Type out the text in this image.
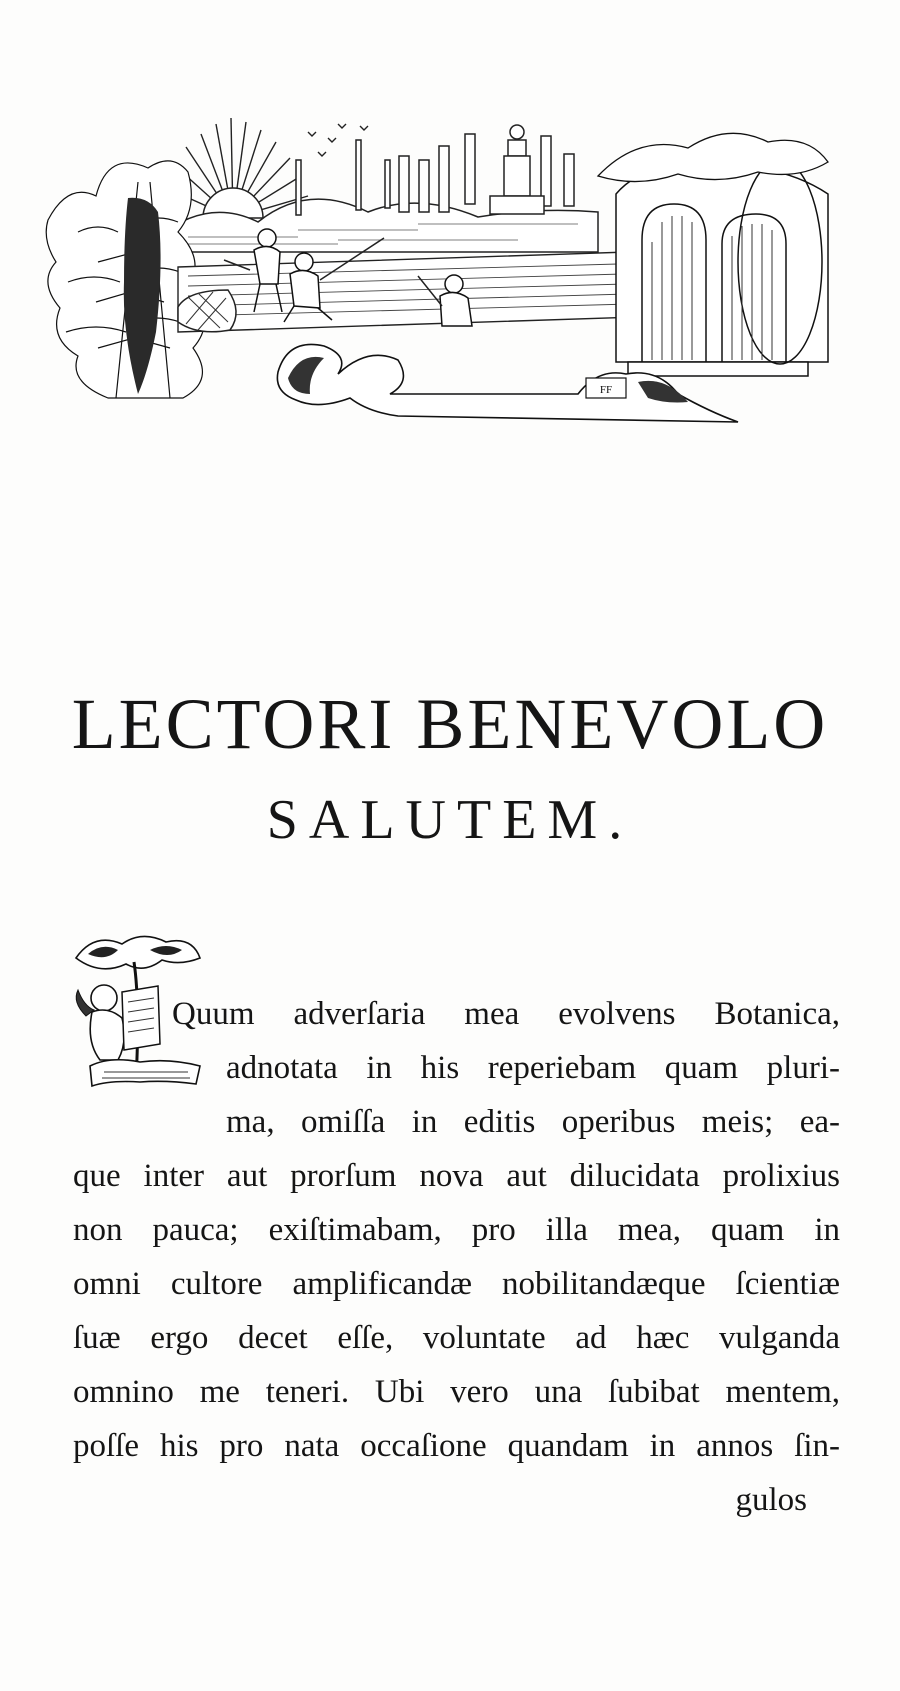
FF
LECTORI BENEVOLO
SALUTEM.
Quum adverſaria mea evolvens Botanica,
adnotata in his reperiebam quam pluri-
ma, omiſſa in editis operibus meis; ea-
que inter aut prorſum nova aut dilucidata prolixius
non pauca; exiſtimabam, pro illa mea, quam in
omni cultore amplificandæ nobilitandæque ſcientiæ
ſuæ ergo decet eſſe, voluntate ad hæc vulganda
omnino me teneri. Ubi vero una ſubibat mentem,
poſſe his pro nata occaſione quandam in annos ſin-
gulos
